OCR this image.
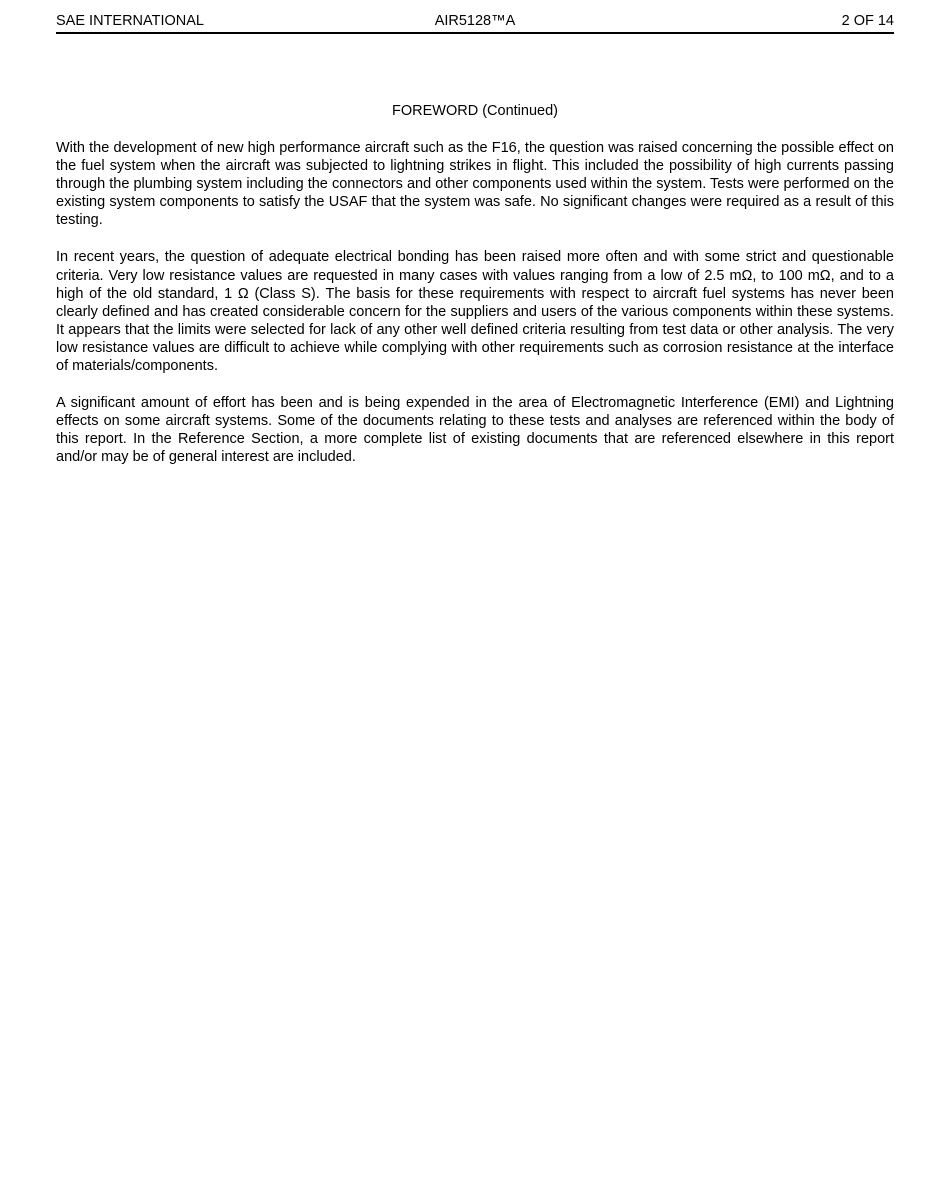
SAE INTERNATIONAL	AIR5128™A	2 OF 14
FOREWORD (Continued)

With the development of new high performance aircraft such as the F16, the question was raised concerning the possible effect on the fuel system when the aircraft was subjected to lightning strikes in flight. This included the possibility of high currents passing through the plumbing system including the connectors and other components used within the system. Tests were performed on the existing system components to satisfy the USAF that the system was safe. No significant changes were required as a result of this testing.

In recent years, the question of adequate electrical bonding has been raised more often and with some strict and questionable criteria. Very low resistance values are requested in many cases with values ranging from a low of 2.5 mΩ, to 100 mΩ, and to a high of the old standard, 1 Ω (Class S). The basis for these requirements with respect to aircraft fuel systems has never been clearly defined and has created considerable concern for the suppliers and users of the various components within these systems. It appears that the limits were selected for lack of any other well defined criteria resulting from test data or other analysis. The very low resistance values are difficult to achieve while complying with other requirements such as corrosion resistance at the interface of materials/components.

A significant amount of effort has been and is being expended in the area of Electromagnetic Interference (EMI) and Lightning effects on some aircraft systems. Some of the documents relating to these tests and analyses are referenced within the body of this report. In the Reference Section, a more complete list of existing documents that are referenced elsewhere in this report and/or may be of general interest are included.
